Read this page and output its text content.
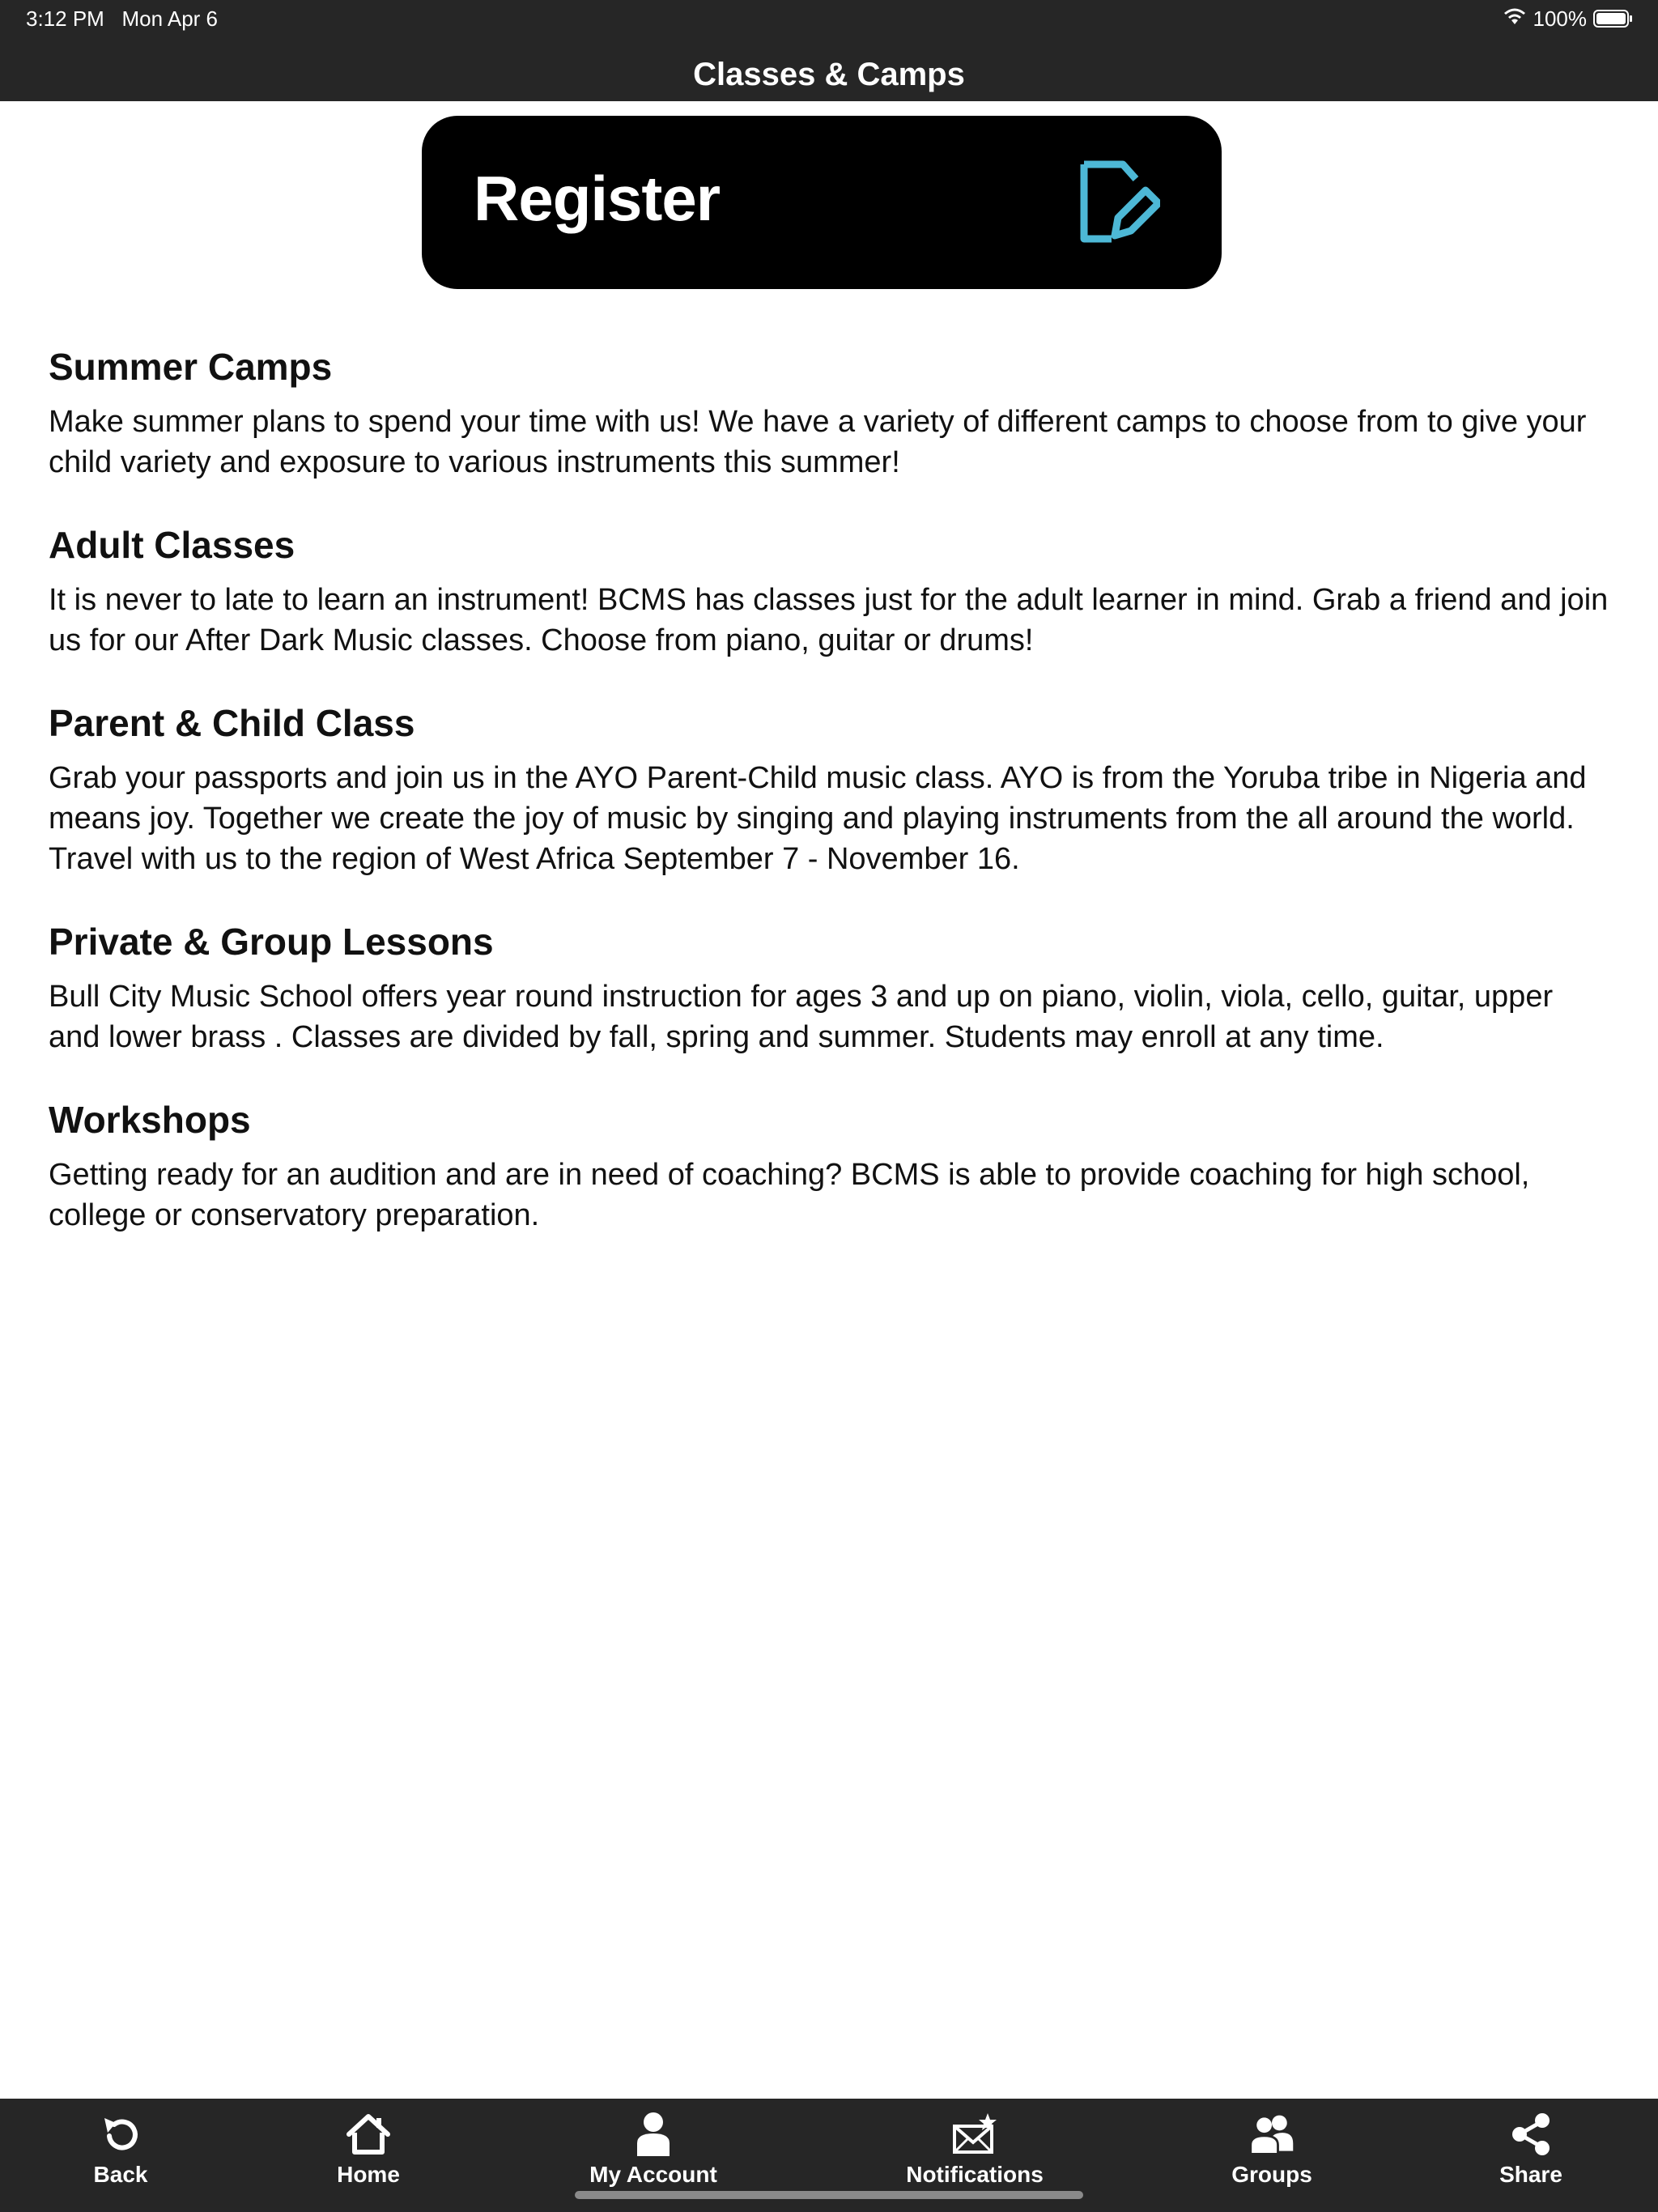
3:12 PM Mon Apr 6	100%
Classes & Camps
Register
Summer Camps
Make summer plans to spend your time with us! We have a variety of different camps to choose from to give your child variety and exposure to various instruments this summer!
Adult Classes
It is never to late to learn an instrument! BCMS has classes just for the adult learner in mind. Grab a friend and join us for our After Dark Music classes. Choose from piano, guitar or drums!
Parent & Child Class
Grab your passports and join us in the AYO Parent-Child music class. AYO is from the Yoruba tribe in Nigeria and means joy. Together we create the joy of music by singing and playing instruments from the all around the world. Travel with us to the region of West Africa September 7 - November 16.
Private & Group Lessons
Bull City Music School offers year round instruction for ages 3 and up on piano, violin, viola, cello, guitar, upper and lower brass . Classes are divided by fall, spring and summer. Students may enroll at any time.
Workshops
Getting ready for an audition and are in need of coaching? BCMS is able to provide coaching for high school, college or conservatory preparation.
Back	Home	My Account	Notifications	Groups	Share
